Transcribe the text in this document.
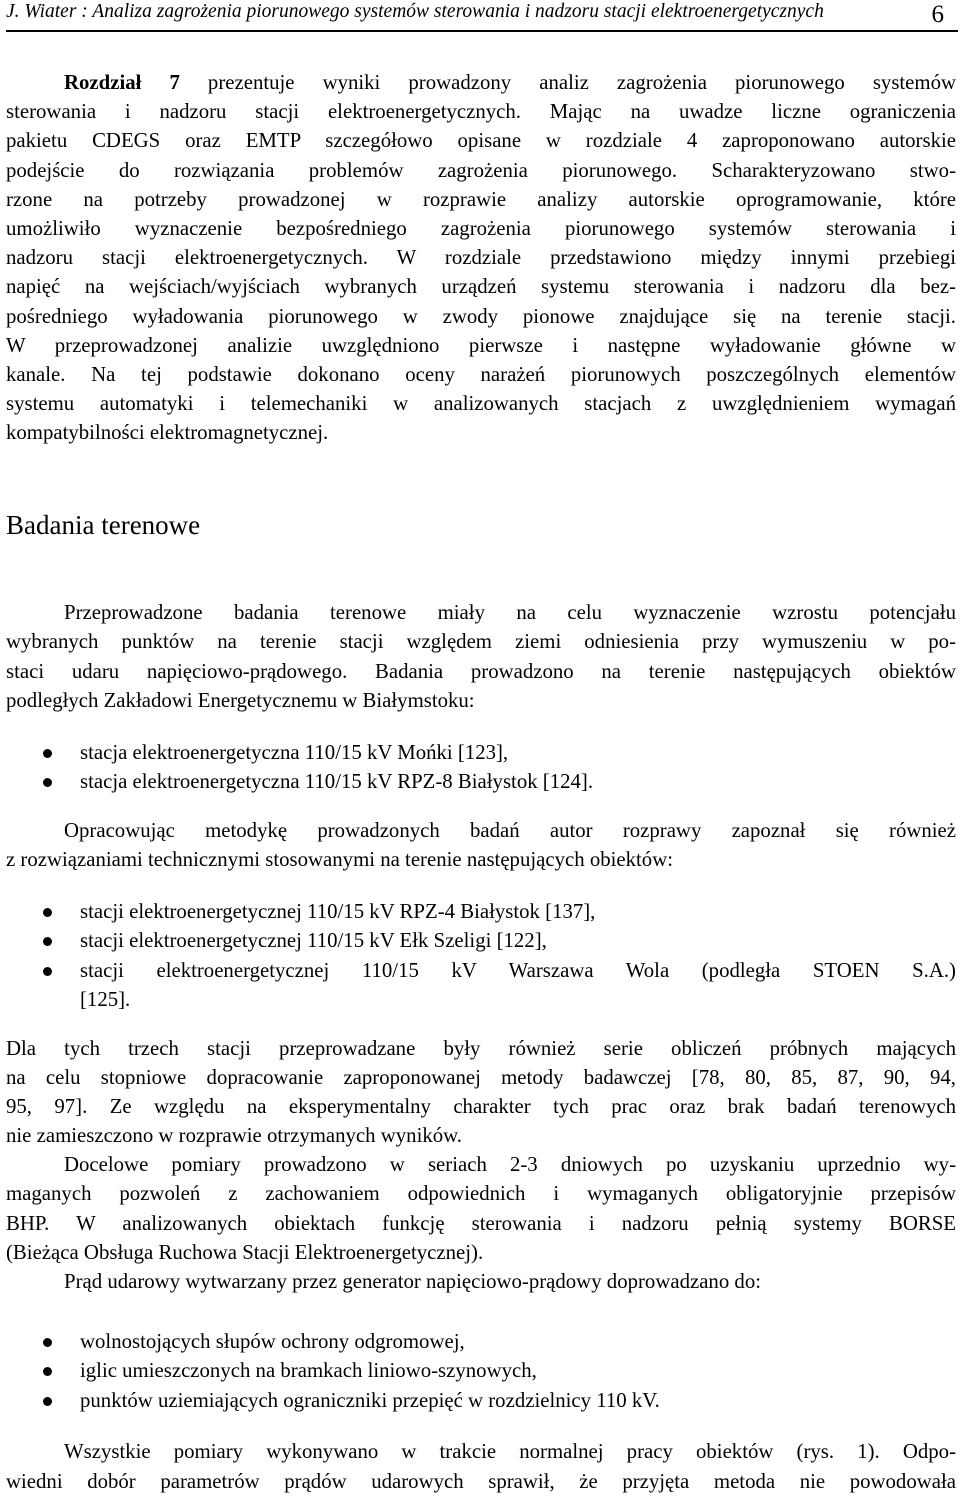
J. Wiater : Analiza zagrożenia piorunowego systemów sterowania i nadzoru stacji elektroenergetycznych	6
Rozdział 7 prezentuje wyniki prowadzony analiz zagrożenia piorunowego systemów
sterowania i nadzoru stacji elektroenergetycznych. Mając na uwadze liczne ograniczenia
pakietu CDEGS oraz EMTP szczegółowo opisane w rozdziale 4 zaproponowano autorskie
podejście do rozwiązania problemów zagrożenia piorunowego. Scharakteryzowano stwo-
rzone na potrzeby prowadzonej w rozprawie analizy autorskie oprogramowanie, które
umożliwiło wyznaczenie bezpośredniego zagrożenia piorunowego systemów sterowania i
nadzoru stacji elektroenergetycznych. W rozdziale przedstawiono między innymi przebiegi
napięć na wejściach/wyjściach wybranych urządzeń systemu sterowania i nadzoru dla bez-
pośredniego wyładowania piorunowego w zwody pionowe znajdujące się na terenie stacji.
W przeprowadzonej analizie uwzględniono pierwsze i następne wyładowanie główne w
kanale. Na tej podstawie dokonano oceny narażeń piorunowych poszczególnych elementów
systemu automatyki i telemechaniki w analizowanych stacjach z uwzględnieniem wymagań
kompatybilności elektromagnetycznej.
Badania terenowe
Przeprowadzone badania terenowe miały na celu wyznaczenie wzrostu potencjału
wybranych punktów na terenie stacji względem ziemi odniesienia przy wymuszeniu w po-
staci udaru napięciowo-prądowego. Badania prowadzono na terenie następujących obiektów
podległych Zakładowi Energetycznemu w Białymstoku:
stacja elektroenergetyczna 110/15 kV Mońki [123],
stacja elektroenergetyczna 110/15 kV RPZ-8 Białystok [124].
Opracowując metodykę prowadzonych badań autor rozprawy zapoznał się również
z rozwiązaniami technicznymi stosowanymi na terenie następujących obiektów:
stacji elektroenergetycznej 110/15 kV RPZ-4 Białystok [137],
stacji elektroenergetycznej 110/15 kV Ełk Szeligi [122],
stacji elektroenergetycznej 110/15 kV Warszawa Wola (podległa STOEN S.A.)
[125].
Dla tych trzech stacji przeprowadzane były również serie obliczeń próbnych mających
na celu stopniowe dopracowanie zaproponowanej metody badawczej [78, 80, 85, 87, 90, 94,
95, 97]. Ze względu na eksperymentalny charakter tych prac oraz brak badań terenowych
nie zamieszczono w rozprawie otrzymanych wyników.
Docelowe pomiary prowadzono w seriach 2-3 dniowych po uzyskaniu uprzednio wy-
maganych pozwoleń z zachowaniem odpowiednich i wymaganych obligatoryjnie przepisów
BHP. W analizowanych obiektach funkcję sterowania i nadzoru pełnią systemy BORSE
(Bieżąca Obsługa Ruchowa Stacji Elektroenergetycznej).
Prąd udarowy wytwarzany przez generator napięciowo-prądowy doprowadzano do:
wolnostojących słupów ochrony odgromowej,
iglic umieszczonych na bramkach liniowo-szynowych,
punktów uziemiających ograniczniki przepięć w rozdzielnicy 110 kV.
Wszystkie pomiary wykonywano w trakcie normalnej pracy obiektów (rys. 1). Odpo-
wiedni dobór parametrów prądów udarowych sprawił, że przyjęta metoda nie powodowała
